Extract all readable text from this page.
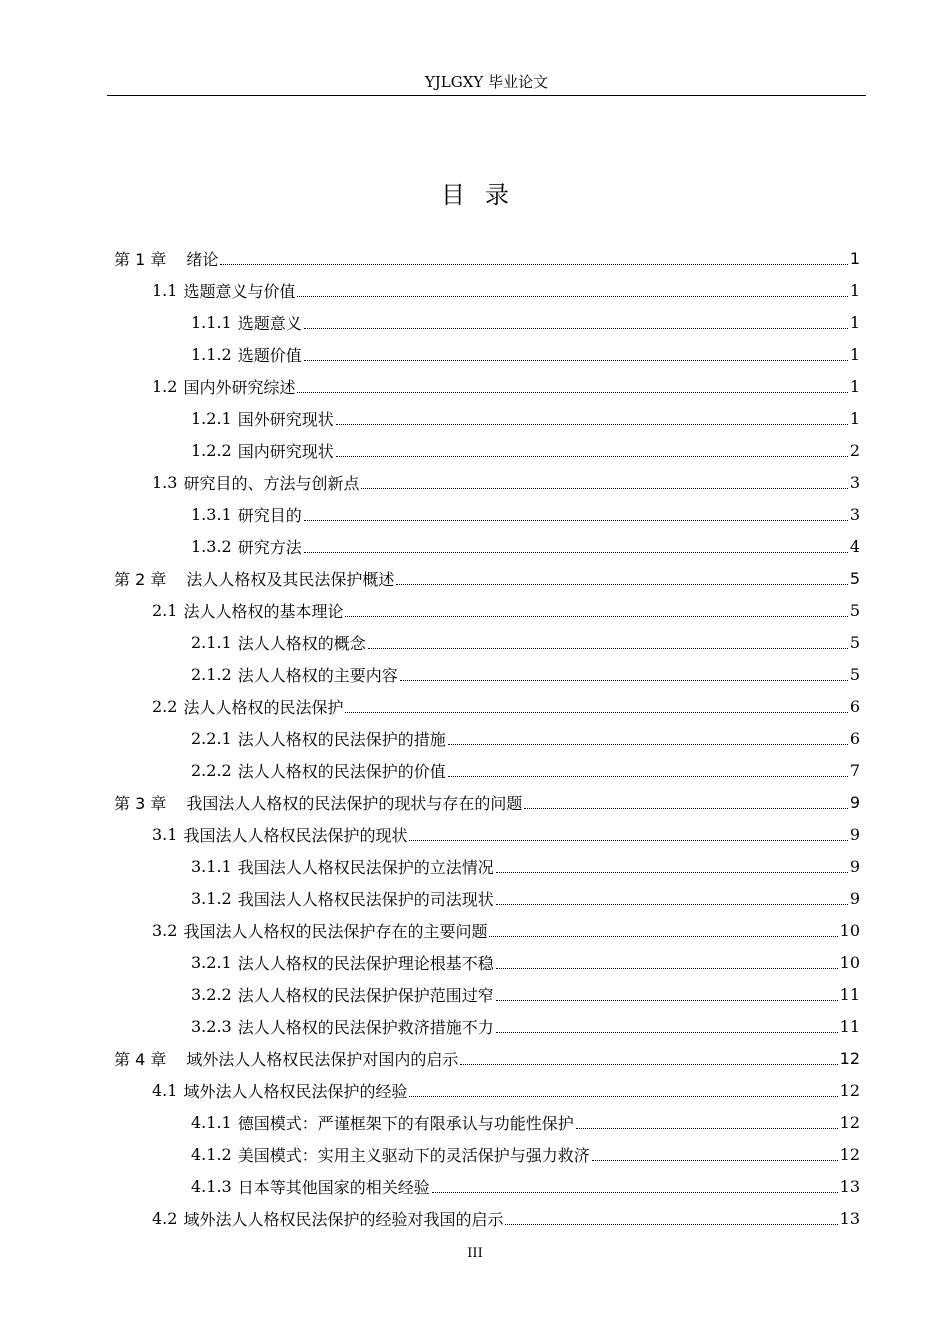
YJLGXY 毕业论文
目录
第 1 章 绪论	1
1.1 选题意义与价值	1
1.1.1 选题意义	1
1.1.2 选题价值	1
1.2 国内外研究综述	1
1.2.1 国外研究现状	1
1.2.2 国内研究现状	2
1.3 研究目的、方法与创新点	3
1.3.1 研究目的	3
1.3.2 研究方法	4
第 2 章 法人人格权及其民法保护概述	5
2.1 法人人格权的基本理论	5
2.1.1 法人人格权的概念	5
2.1.2 法人人格权的主要内容	5
2.2 法人人格权的民法保护	6
2.2.1 法人人格权的民法保护的措施	6
2.2.2 法人人格权的民法保护的价值	7
第 3 章 我国法人人格权的民法保护的现状与存在的问题	9
3.1 我国法人人格权民法保护的现状	9
3.1.1 我国法人人格权民法保护的立法情况	9
3.1.2 我国法人人格权民法保护的司法现状	9
3.2 我国法人人格权的民法保护存在的主要问题	10
3.2.1 法人人格权的民法保护理论根基不稳	10
3.2.2 法人人格权的民法保护保护范围过窄	11
3.2.3 法人人格权的民法保护救济措施不力	11
第 4 章 域外法人人格权民法保护对国内的启示	12
4.1 域外法人人格权民法保护的经验	12
4.1.1 德国模式：严谨框架下的有限承认与功能性保护	12
4.1.2 美国模式：实用主义驱动下的灵活保护与强力救济	12
4.1.3 日本等其他国家的相关经验	13
4.2 域外法人人格权民法保护的经验对我国的启示	13
III
